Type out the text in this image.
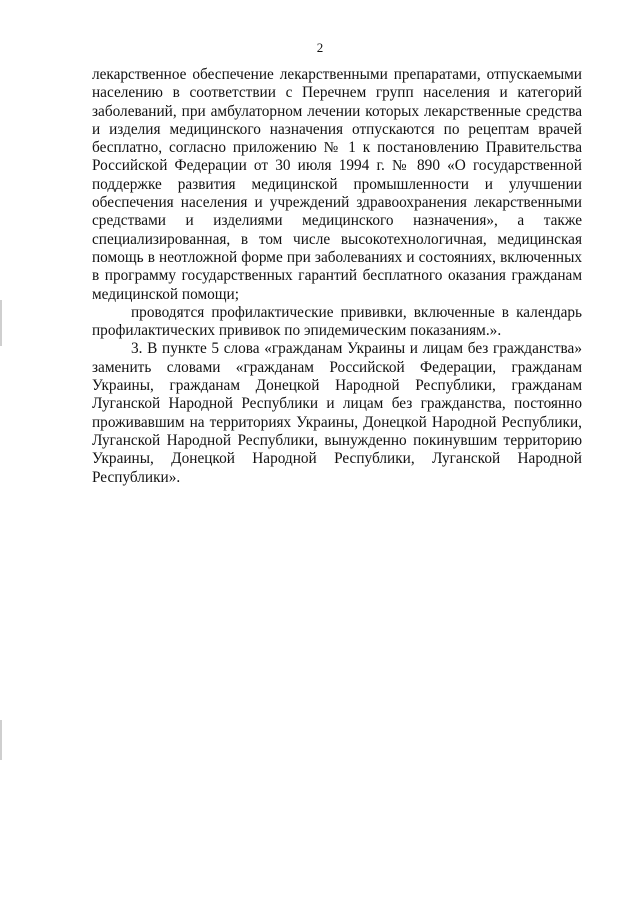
2
лекарственное обеспечение лекарственными препаратами, отпускаемыми
населению в соответствии с Перечнем групп населения и категорий
заболеваний, при амбулаторном лечении которых лекарственные средства
и изделия медицинского назначения отпускаются по рецептам врачей
бесплатно, согласно приложению № 1 к постановлению Правительства
Российской Федерации от 30 июля 1994 г. № 890 «О государственной
поддержке развития медицинской промышленности и улучшении
обеспечения населения и учреждений здравоохранения лекарственными
средствами и изделиями медицинского назначения», а также
специализированная, в том числе высокотехнологичная, медицинская
помощь в неотложной форме при заболеваниях и состояниях, включенных
в программу государственных гарантий бесплатного оказания гражданам
медицинской помощи;
проводятся профилактические прививки, включенные в календарь
профилактических прививок по эпидемическим показаниям.».
3. В пункте 5 слова «гражданам Украины и лицам без гражданства»
заменить словами «гражданам Российской Федерации, гражданам
Украины, гражданам Донецкой Народной Республики, гражданам
Луганской Народной Республики и лицам без гражданства, постоянно
проживавшим на территориях Украины, Донецкой Народной Республики,
Луганской Народной Республики, вынужденно покинувшим территорию
Украины, Донецкой Народной Республики, Луганской Народной
Республики».
